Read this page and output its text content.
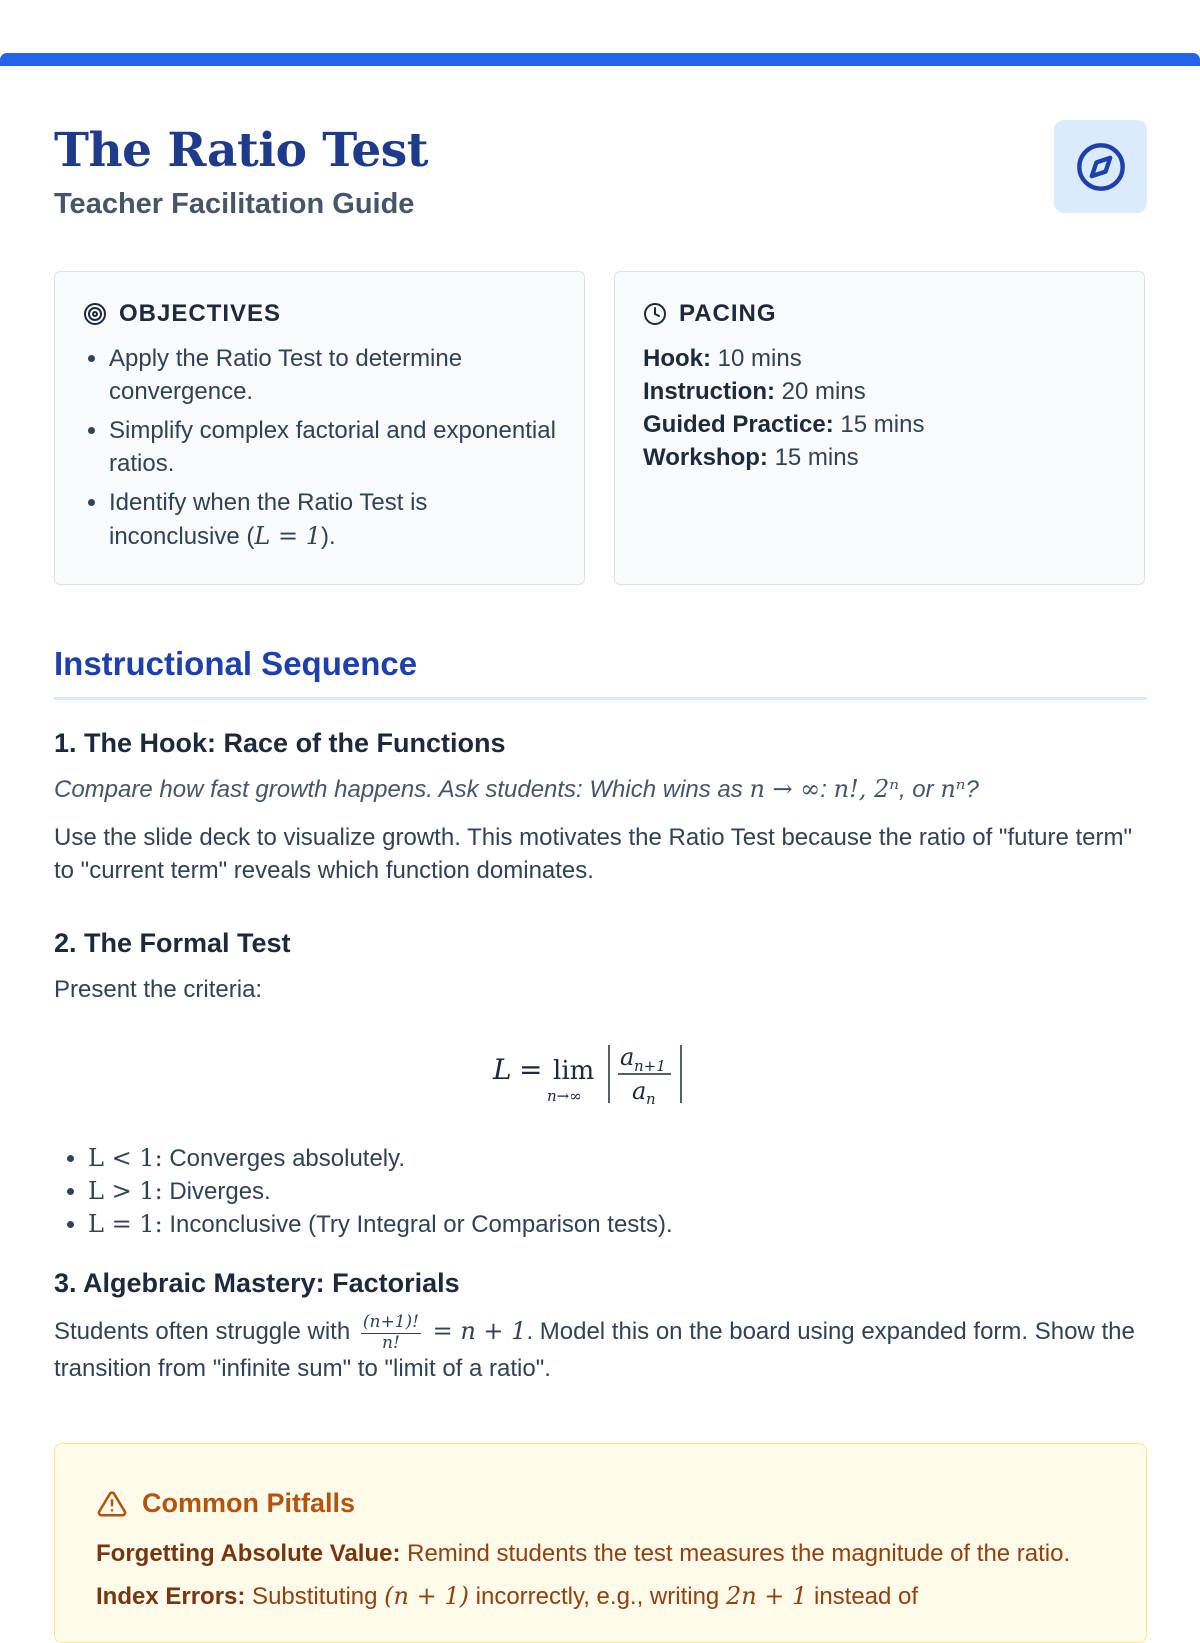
The Ratio Test
Teacher Facilitation Guide
OBJECTIVES
• Apply the Ratio Test to determine convergence.
• Simplify complex factorial and exponential ratios.
• Identify when the Ratio Test is inconclusive (L = 1).
PACING
Hook: 10 mins
Instruction: 20 mins
Guided Practice: 15 mins
Workshop: 15 mins
Instructional Sequence
1. The Hook: Race of the Functions

Compare how fast growth happens. Ask students: Which wins as n → ∞: n!, 2ⁿ, or nⁿ?

Use the slide deck to visualize growth. This motivates the Ratio Test because the ratio of "future term" to "current term" reveals which function dominates.

2. The Formal Test

Present the criteria:

L = lim
n→∞
a n+1
a n
• L < 1: Converges absolutely.
• L > 1: Diverges.
• L = 1: Inconclusive (Try Integral or Comparison tests).
3. Algebraic Mastery: Factorials

Students often struggle with $\frac{(n+1)!}{n!} = n + 1$. Model this on the board using expanded form. Show the transition from "infinite sum" to "limit of a ratio".

Common Pitfalls
Forgetting Absolute Value: Remind students the test measures the magnitude of the ratio.
Index Errors: Substituting (n + 1) incorrectly, e.g., writing 2n + 1 instead of
